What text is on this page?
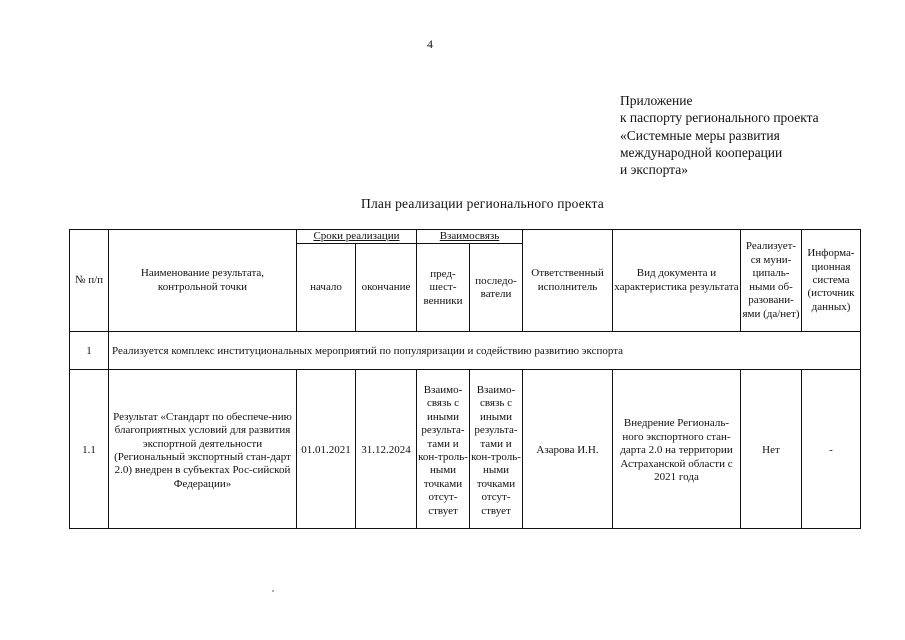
4
Приложение
к паспорту регионального проекта
«Системные меры развития
международной кооперации
и экспорта»
План реализации регионального проекта
№ п/п	Наименование результата, контрольной точки	Сроки реализации		Взаимосвязь		Ответственный исполнитель	Вид документа и характеристика результата	Реализует-ся муни-ципаль-ными об-разовани-ями (да/нет)	Информа-ционная система (источник данных)
		начало	окончание	пред-шест-венники	последо-ватели				
1	Реализуется комплекс институциональных мероприятий по популяризации и содействию развитию экспорта								
1.1	Результат «Стандарт по обеспече-нию благоприятных условий для развития экспортной деятельности (Региональный экспортный стан-дарт 2.0) внедрен в субъектах Рос-сийской Федерации»	01.01.2021	31.12.2024	Взаимо-связь с иными результа-тами и кон-троль-ными точками отсут-ствует	Взаимо-связь с иными результа-тами и кон-троль-ными точками отсут-ствует	Азарова И.Н.	Внедрение Региональ-ного экспортного стан-дарта 2.0 на территории Астраханской области с 2021 года	Нет	-
